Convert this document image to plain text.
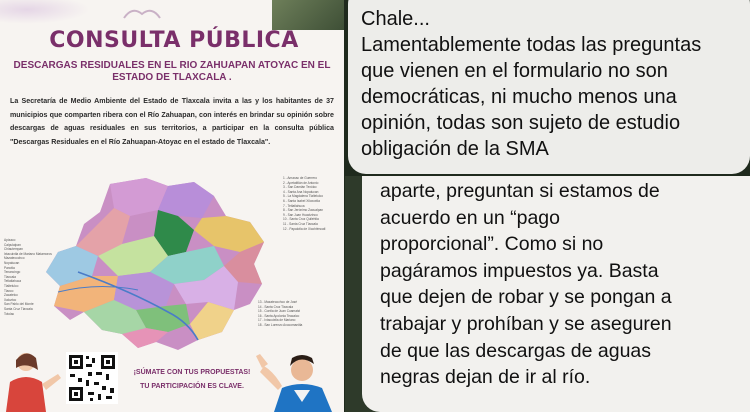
CONSULTA PÚBLICA
DESCARGAS RESIDUALES EN EL RIO ZAHUAPAN ATOYAC EN EL ESTADO DE TLAXCALA .
La Secretaría de Medio Ambiente del Estado de Tlaxcala invita a las y los habitantes de 37 municipios que comparten ribera con el Río Zahuapan, con interés en brindar su opinión sobre descargas de aguas residuales en sus territorios, a participar en la consulta pública "Descargas Residuales en el Río Zahuapan-Atoyac en el estado de Tlaxcala".
Apizaco
Calpulalpan
Chiautempan
Ixtacuixtla de Mariano Matamoros
Mazatecochco
Nopalucan
Panotla
Tenancingo
Tlaxcala
Tetlatlahuca
Tlaltelulco
Tlaxco
Zacatelco
Xaloztoc
San Pablo del Monte
Santa Cruz Tlaxcala
Totolac
1 - Amaxac de Guerrero
2 - Apetatitlán de Antonio
3 - San Damián Texóloc
4 - Santa Ana Nopalucan
5 - La Magdalena Tlaltelulco
6 - Santa Isabel Xiloxoxtla
7 - Tetlatlahuca
8 - San Jerónimo Zacualpan
9 - San Juan Huactzinco
10 - Santa Cruz Quilehtla
11 - Santa Cruz Tlaxcala
12 - Papalotla de Xicohténcatl
13 - Mazatecochco de José
14 - Santa Cruz Tlaxcala
15 - Contla de Juan Cuamatzi
16 - Santa Apolonia Teacalco
17 - Ixtacuixtla de Mariano
18 - San Lorenzo Axocomanitla
¡SÚMATE CON TUS PROPUESTAS!
TU PARTICIPACIÓN ES CLAVE.
Chale...
Lamentablemente todas las preguntas
que vienen en el formulario no son
democráticas, ni mucho menos una
opinión, todas son sujeto de estudio
obligación de la SMA
aparte, preguntan si estamos de
acuerdo en un “pago
proporcional”. Como si no
pagáramos impuestos ya. Basta
que dejen de robar y se pongan a
trabajar y prohíban y se aseguren
de que las descargas de aguas
negras dejan de ir al río.
